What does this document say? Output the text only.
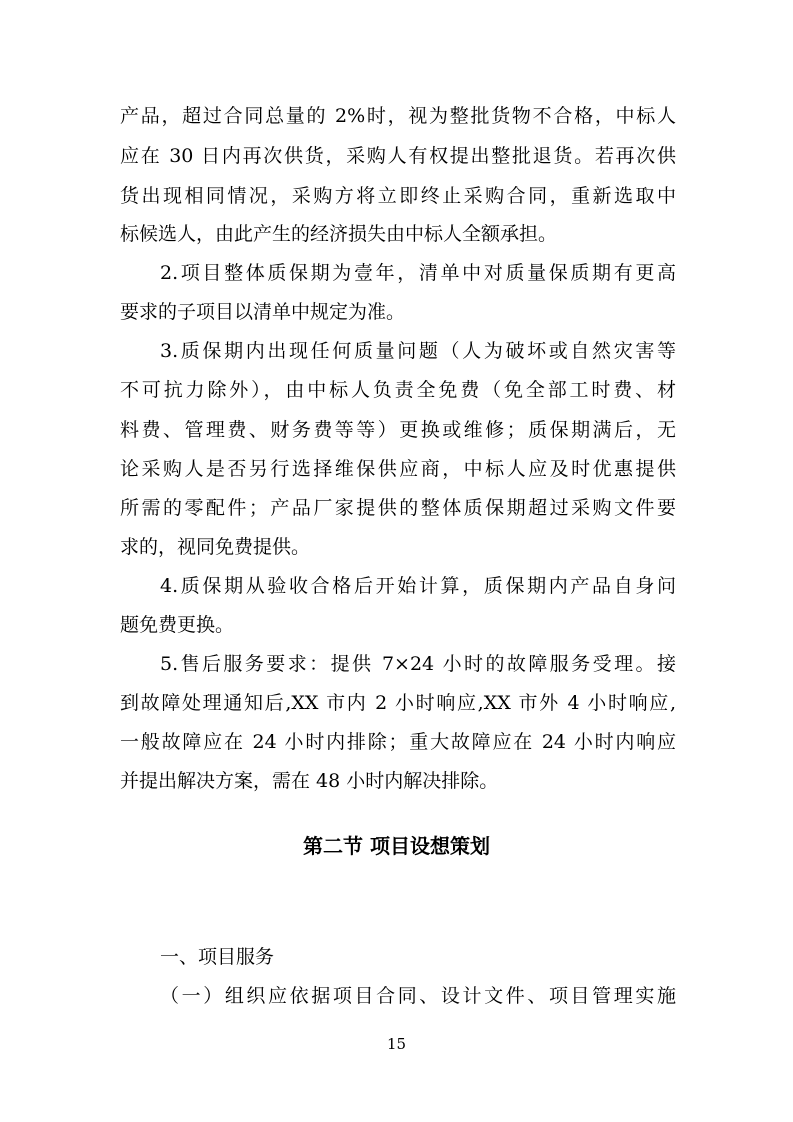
产品，超过合同总量的 2%时，视为整批货物不合格，中标人
应在 30 日内再次供货，采购人有权提出整批退货。若再次供
货出现相同情况，采购方将立即终止采购合同，重新选取中
标候选人，由此产生的经济损失由中标人全额承担。
2.项目整体质保期为壹年，清单中对质量保质期有更高
要求的子项目以清单中规定为准。
3.质保期内出现任何质量问题（人为破坏或自然灾害等
不可抗力除外），由中标人负责全免费（免全部工时费、材
料费、管理费、财务费等等）更换或维修；质保期满后，无
论采购人是否另行选择维保供应商，中标人应及时优惠提供
所需的零配件；产品厂家提供的整体质保期超过采购文件要
求的，视同免费提供。
4.质保期从验收合格后开始计算，质保期内产品自身问
题免费更换。
5.售后服务要求：提供 7×24 小时的故障服务受理。接
到故障处理通知后,XX 市内 2 小时响应,XX 市外 4 小时响应,
一般故障应在 24 小时内排除；重大故障应在 24 小时内响应
并提出解决方案，需在 48 小时内解决排除。
第二节 项目设想策划
一、项目服务
（一）组织应依据项目合同、设计文件、项目管理实施
15
